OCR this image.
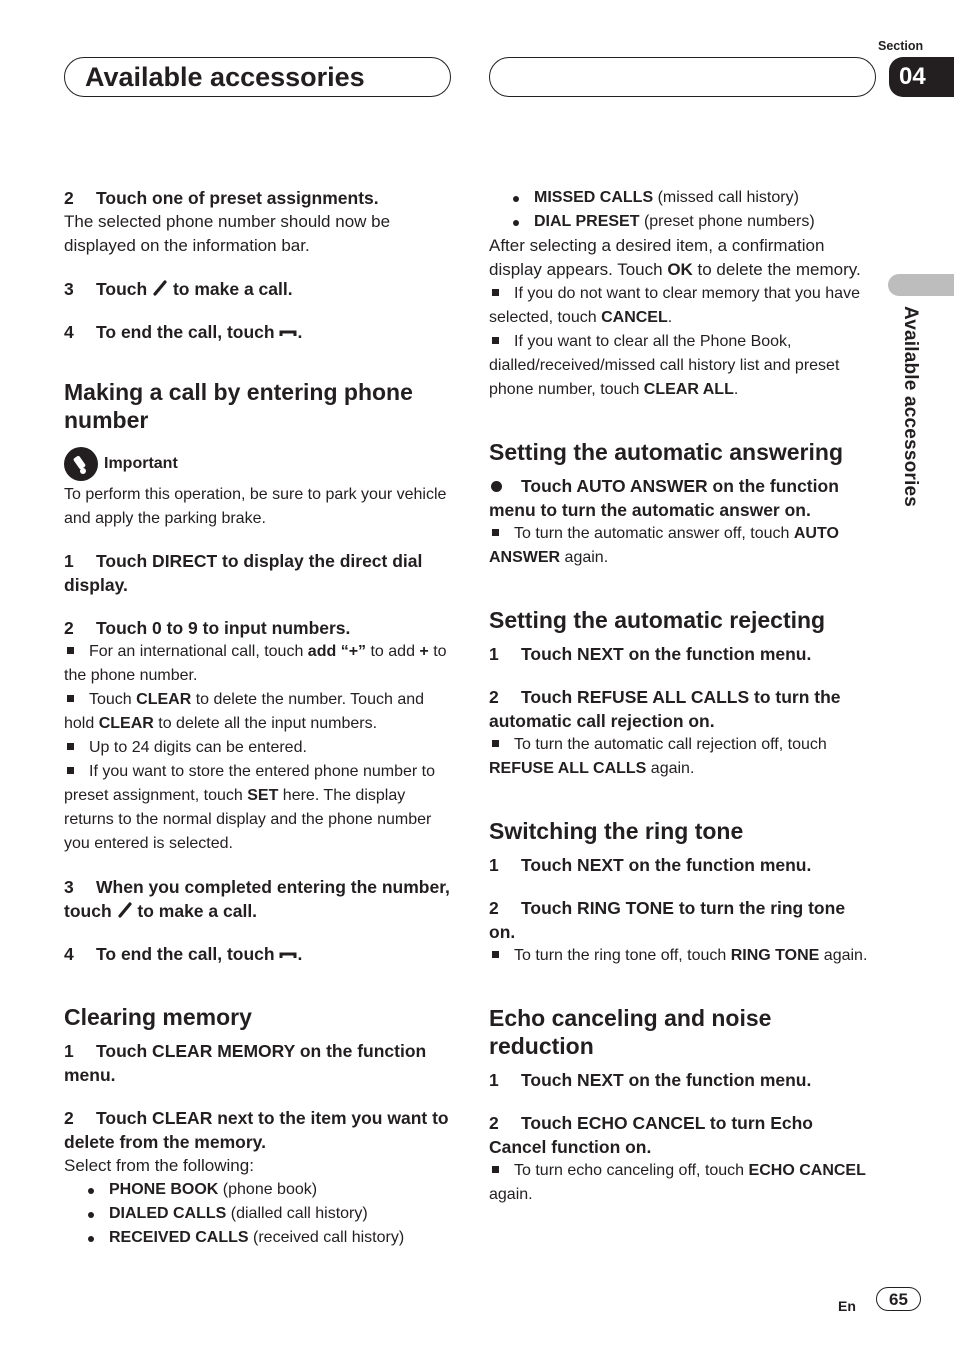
Available accessories
Section
04
Available accessories

2 Touch one of preset assignments.

The selected phone number should now be displayed on the information bar.

3 Touch to make a call.

4 To end the call, touch .

Making a call by entering phone number
Important

To perform this operation, be sure to park your vehicle and apply the parking brake.

1 Touch DIRECT to display the direct dial display.

2 Touch 0 to 9 to input numbers.

For an international call, touch add “+” to add + to the phone number.

Touch CLEAR to delete the number. Touch and hold CLEAR to delete all the input numbers.

Up to 24 digits can be entered.

If you want to store the entered phone number to preset assignment, touch SET here. The display returns to the normal display and the phone number you entered is selected.

3 When you completed entering the number, touch to make a call.

4 To end the call, touch .

Clearing memory

1 Touch CLEAR MEMORY on the function menu.

2 Touch CLEAR next to the item you want to delete from the memory.

Select from the following:

PHONE BOOK (phone book)
DIALED CALLS (dialled call history)
RECEIVED CALLS (received call history)
MISSED CALLS (missed call history)
DIAL PRESET (preset phone numbers)

After selecting a desired item, a confirmation display appears. Touch OK to delete the memory.

If you do not want to clear memory that you have selected, touch CANCEL.

If you want to clear all the Phone Book, dialled/received/missed call history list and preset phone number, touch CLEAR ALL.

Setting the automatic answering

Touch AUTO ANSWER on the function menu to turn the automatic answer on.

To turn the automatic answer off, touch AUTO ANSWER again.

Setting the automatic rejecting

1 Touch NEXT on the function menu.

2 Touch REFUSE ALL CALLS to turn the automatic call rejection on.

To turn the automatic call rejection off, touch REFUSE ALL CALLS again.

Switching the ring tone

1 Touch NEXT on the function menu.

2 Touch RING TONE to turn the ring tone on.

To turn the ring tone off, touch RING TONE again.

Echo canceling and noise reduction

1 Touch NEXT on the function menu.

2 Touch ECHO CANCEL to turn Echo Cancel function on.

To turn echo canceling off, touch ECHO CANCEL again.

En	65
